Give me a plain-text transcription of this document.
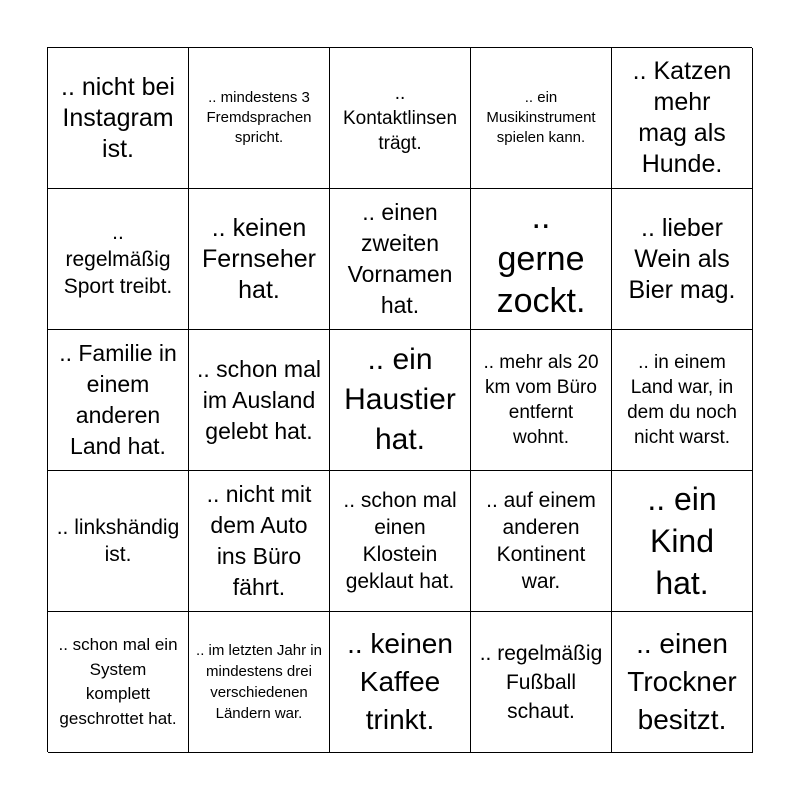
.. nicht bei Instagram ist.
.. mindestens 3 Fremdsprachen spricht.
.. Kontaktlinsen trägt.
.. ein Musikinstrument spielen kann.
.. Katzen mehr mag als Hunde.
.. regelmäßig Sport treibt.
.. keinen Fernseher hat.
.. einen zweiten Vornamen hat.
.. gerne zockt.
.. lieber Wein als Bier mag.
.. Familie in einem anderen Land hat.
.. schon mal im Ausland gelebt hat.
.. ein Haustier hat.
.. mehr als 20 km vom Büro entfernt wohnt.
.. in einem Land war, in dem du noch nicht warst.
.. linkshändig ist.
.. nicht mit dem Auto ins Büro fährt.
.. schon mal einen Klostein geklaut hat.
.. auf einem anderen Kontinent war.
.. ein Kind hat.
.. schon mal ein System komplett geschrottet hat.
.. im letzten Jahr in mindestens drei verschiedenen Ländern war.
.. keinen Kaffee trinkt.
.. regelmäßig Fußball schaut.
.. einen Trockner besitzt.
